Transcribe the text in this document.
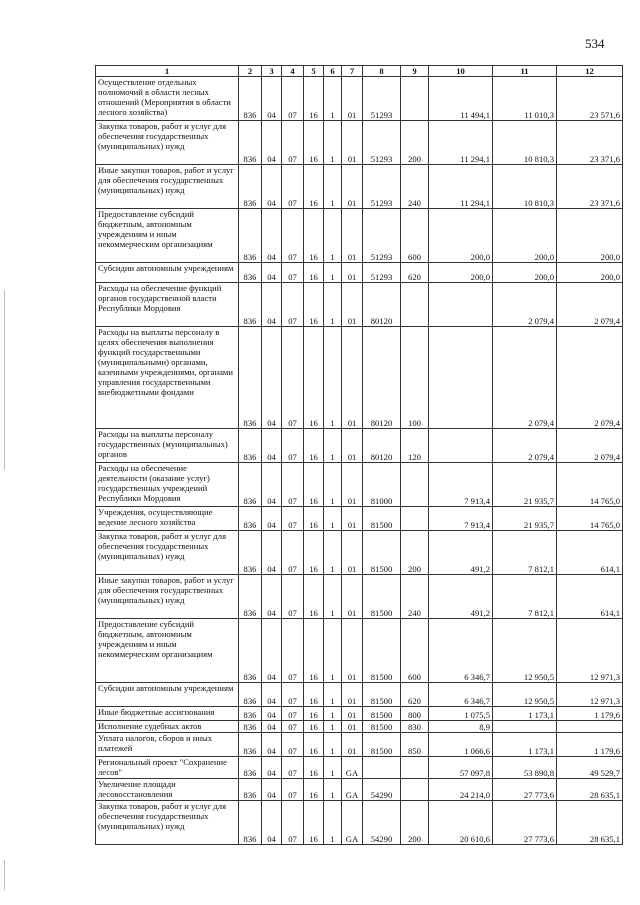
534
1	2	3	4	5	6	7	8	9	10	11	12
Осуществление отдельных полномочий в области лесных отношений (Мероприятия в области лесного хозяйства)	836	04	07	16	1	01	51293		11 494,1	11 010,3	23 571,6
Закупка товаров, работ и услуг для обеспечения государственных (муниципальных) нужд	836	04	07	16	1	01	51293	200	11 294,1	10 810,3	23 371,6
Иные закупки товаров, работ и услуг для обеспечения государственных (муниципальных) нужд	836	04	07	16	1	01	51293	240	11 294,1	10 810,3	23 371,6
Предоставление субсидий бюджетным, автономным учреждениям и иным некоммерческим организациям	836	04	07	16	1	01	51293	600	200,0	200,0	200,0
Субсидии автономным учреждениям	836	04	07	16	1	01	51293	620	200,0	200,0	200,0
Расходы на обеспечение функций органов государственной власти Республики Мордовия	836	04	07	16	1	01	80120			2 079,4	2 079,4
Расходы на выплаты персоналу в целях обеспечения выполнения функций государственными (муниципальными) органами, казенными учреждениями, органами управления государственными внебюджетными фондами	836	04	07	16	1	01	80120	100		2 079,4	2 079,4
Расходы на выплаты персоналу государственных (муниципальных) органов	836	04	07	16	1	01	80120	120		2 079,4	2 079,4
Расходы на обеспечение деятельности (оказание услуг) государственных учреждений Республики Мордовия	836	04	07	16	1	01	81000		7 913,4	21 935,7	14 765,0
Учреждения, осуществляющие ведение лесного хозяйства	836	04	07	16	1	01	81500		7 913,4	21 935,7	14 765,0
Закупка товаров, работ и услуг для обеспечения государственных (муниципальных) нужд	836	04	07	16	1	01	81500	200	491,2	7 812,1	614,1
Иные закупки товаров, работ и услуг для обеспечения государственных (муниципальных) нужд	836	04	07	16	1	01	81500	240	491,2	7 812,1	614,1
Предоставление субсидий бюджетным, автономным учреждениям и иным некоммерческим организациям	836	04	07	16	1	01	81500	600	6 346,7	12 950,5	12 971,3
Субсидии автономным учреждениям	836	04	07	16	1	01	81500	620	6 346,7	12 950,5	12 971,3
Иные бюджетные ассигнования	836	04	07	16	1	01	81500	800	1 075,5	1 173,1	1 179,6
Исполнение судебных актов	836	04	07	16	1	01	81500	830	8,9		
Уплата налогов, сборов и иных платежей	836	04	07	16	1	01	81500	850	1 066,6	1 173,1	1 179,6
Региональный проект "Сохранение лесов"	836	04	07	16	1	GA			57 097,8	53 890,8	49 529,7
Увеличение площади лесовосстановления	836	04	07	16	1	GA	54290		24 214,0	27 773,6	28 635,1
Закупка товаров, работ и услуг для обеспечения государственных (муниципальных) нужд	836	04	07	16	1	GA	54290	200	20 610,6	27 773,6	28 635,1
